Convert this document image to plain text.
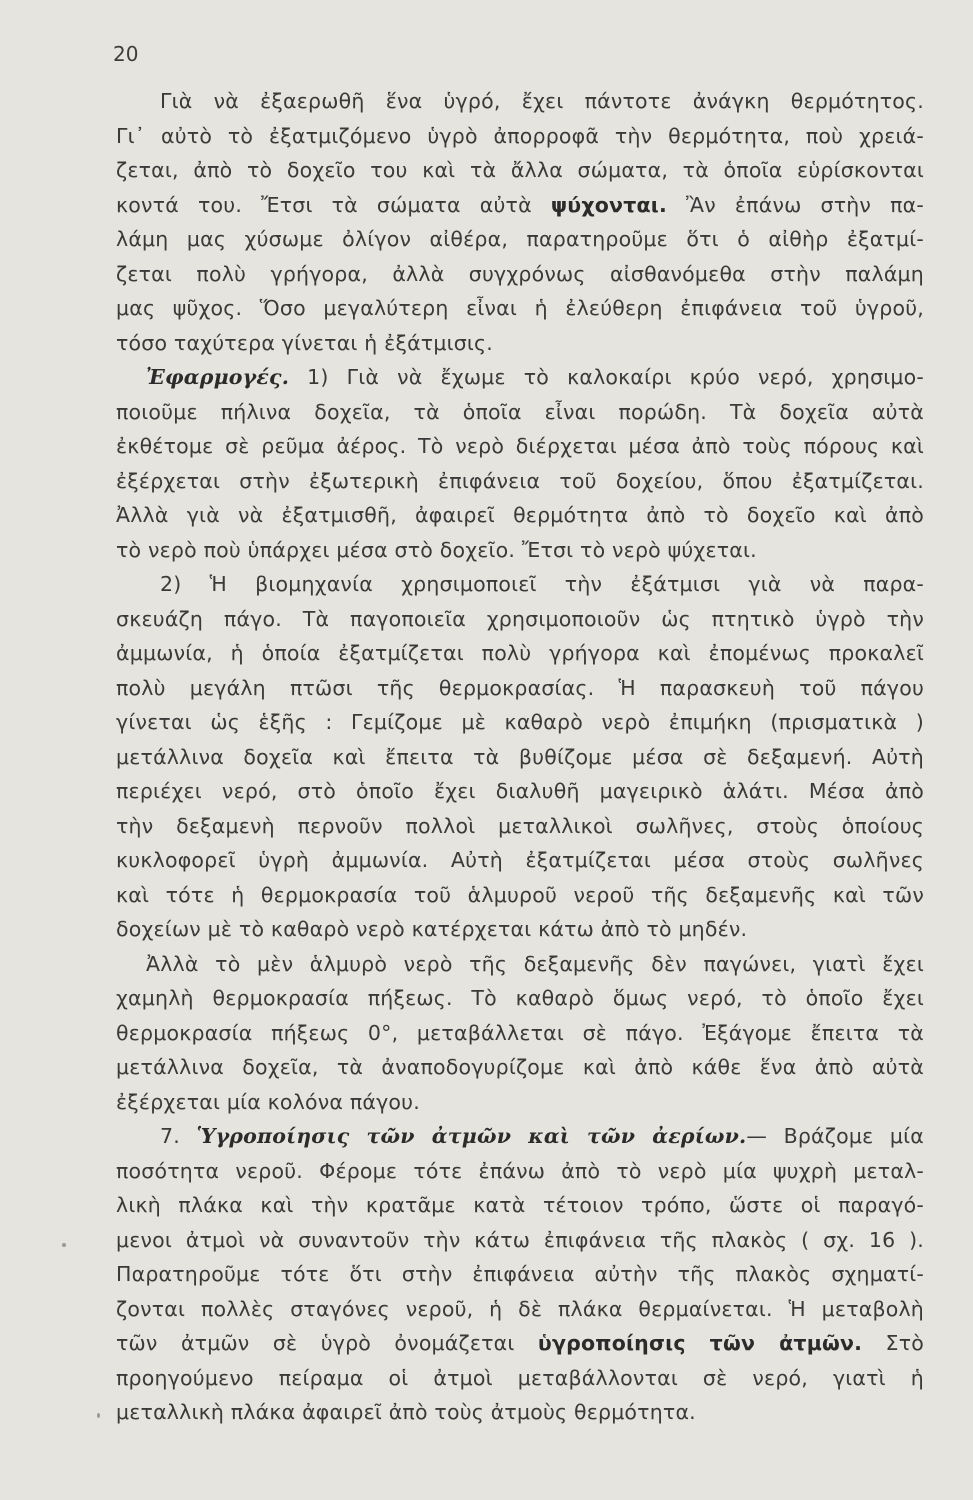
20
Γιὰ νὰ ἐξαερωθῆ ἕνα ὑγρό, ἔχει πάντοτε ἀνάγκη θερμότητος.
Γι᾿ αὐτὸ τὸ ἐξατμιζόμενο ὑγρὸ ἀπορροφᾶ τὴν θερμότητα, ποὺ χρειά-
ζεται, ἀπὸ τὸ δοχεῖο του καὶ τὰ ἄλλα σώματα, τὰ ὁποῖα εὑρίσκονται
κοντά του. Ἔτσι τὰ σώματα αὐτὰ ψύχονται. Ἂν ἐπάνω στὴν πα-
λάμη μας χύσωμε ὀλίγον αἰθέρα, παρατηροῦμε ὅτι ὁ αἰθὴρ ἐξατμί-
ζεται πολὺ γρήγορα, ἀλλὰ συγχρόνως αἰσθανόμεθα στὴν παλάμη
μας ψῦχος. Ὅσο μεγαλύτερη εἶναι ἡ ἐλεύθερη ἐπιφάνεια τοῦ ὑγροῦ,
τόσο ταχύτερα γίνεται ἡ ἐξάτμισις.
Ἐφαρμογές. 1) Γιὰ νὰ ἔχωμε τὸ καλοκαίρι κρύο νερό, χρησιμο-
ποιοῦμε πήλινα δοχεῖα, τὰ ὁποῖα εἶναι πορώδη. Τὰ δοχεῖα αὐτὰ
ἐκθέτομε σὲ ρεῦμα ἀέρος. Τὸ νερὸ διέρχεται μέσα ἀπὸ τοὺς πόρους καὶ
ἐξέρχεται στὴν ἐξωτερικὴ ἐπιφάνεια τοῦ δοχείου, ὅπου ἐξατμίζεται.
Ἀλλὰ γιὰ νὰ ἐξατμισθῆ, ἀφαιρεῖ θερμότητα ἀπὸ τὸ δοχεῖο καὶ ἀπὸ
τὸ νερὸ ποὺ ὑπάρχει μέσα στὸ δοχεῖο. Ἔτσι τὸ νερὸ ψύχεται.
2) Ἡ βιομηχανία χρησιμοποιεῖ τὴν ἐξάτμισι γιὰ νὰ παρα-
σκευάζη πάγο. Τὰ παγοποιεῖα χρησιμοποιοῦν ὡς πτητικὸ ὑγρὸ τὴν
ἀμμωνία, ἡ ὁποία ἐξατμίζεται πολὺ γρήγορα καὶ ἐπομένως προκαλεῖ
πολὺ μεγάλη πτῶσι τῆς θερμοκρασίας. Ἡ παρασκευὴ τοῦ πάγου
γίνεται ὡς ἑξῆς : Γεμίζομε μὲ καθαρὸ νερὸ ἐπιμήκη (πρισματικὰ )
μετάλλινα δοχεῖα καὶ ἔπειτα τὰ βυθίζομε μέσα σὲ δεξαμενή. Αὐτὴ
περιέχει νερό, στὸ ὁποῖο ἔχει διαλυθῆ μαγειρικὸ ἁλάτι. Μέσα ἀπὸ
τὴν δεξαμενὴ περνοῦν πολλοὶ μεταλλικοὶ σωλῆνες, στοὺς ὁποίους
κυκλοφορεῖ ὑγρὴ ἀμμωνία. Αὐτὴ ἐξατμίζεται μέσα στοὺς σωλῆνες
καὶ τότε ἡ θερμοκρασία τοῦ ἁλμυροῦ νεροῦ τῆς δεξαμενῆς καὶ τῶν
δοχείων μὲ τὸ καθαρὸ νερὸ κατέρχεται κάτω ἀπὸ τὸ μηδέν.
Ἀλλὰ τὸ μὲν ἁλμυρὸ νερὸ τῆς δεξαμενῆς δὲν παγώνει, γιατὶ ἔχει
χαμηλὴ θερμοκρασία πήξεως. Τὸ καθαρὸ ὅμως νερό, τὸ ὁποῖο ἔχει
θερμοκρασία πήξεως 0°, μεταβάλλεται σὲ πάγο. Ἐξάγομε ἔπειτα τὰ
μετάλλινα δοχεῖα, τὰ ἀναποδογυρίζομε καὶ ἀπὸ κάθε ἕνα ἀπὸ αὐτὰ
ἐξέρχεται μία κολόνα πάγου.
7. Ὑγροποίησις τῶν ἀτμῶν καὶ τῶν ἀερίων.— Βράζομε μία
ποσότητα νεροῦ. Φέρομε τότε ἐπάνω ἀπὸ τὸ νερὸ μία ψυχρὴ μεταλ-
λικὴ πλάκα καὶ τὴν κρατᾶμε κατὰ τέτοιον τρόπο, ὥστε οἱ παραγό-
μενοι ἀτμοὶ νὰ συναντοῦν τὴν κάτω ἐπιφάνεια τῆς πλακὸς ( σχ. 16 ).
Παρατηροῦμε τότε ὅτι στὴν ἐπιφάνεια αὐτὴν τῆς πλακὸς σχηματί-
ζονται πολλὲς σταγόνες νεροῦ, ἡ δὲ πλάκα θερμαίνεται. Ἡ μεταβολὴ
τῶν ἀτμῶν σὲ ὑγρὸ ὀνομάζεται ὑγροποίησις τῶν ἀτμῶν. Στὸ
προηγούμενο πείραμα οἱ ἀτμοὶ μεταβάλλονται σὲ νερό, γιατὶ ἡ
μεταλλικὴ πλάκα ἀφαιρεῖ ἀπὸ τοὺς ἀτμοὺς θερμότητα.
